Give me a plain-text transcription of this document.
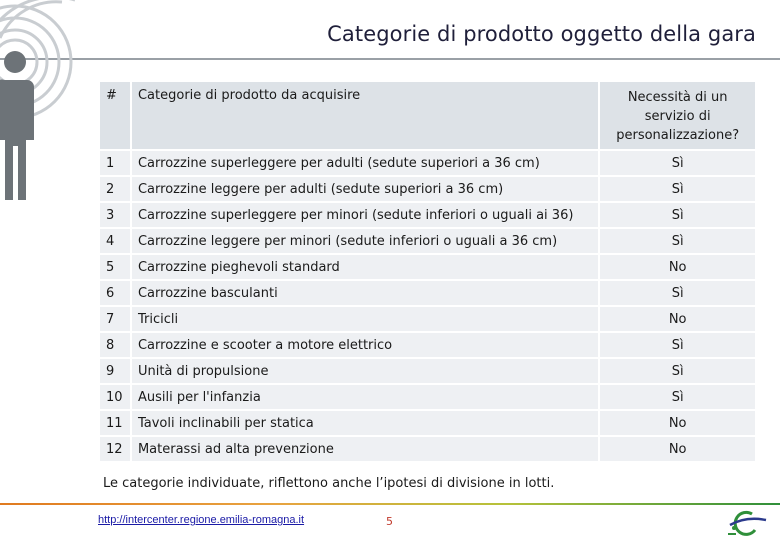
Categorie di prodotto oggetto della gara
#	Categorie di prodotto da acquisire	Necessità di un
servizio di
personalizzazione?

1	Carrozzine superleggere per adulti (sedute superiori a 36 cm)	Sì
2	Carrozzine leggere per adulti (sedute superiori a 36 cm)	Sì
3	Carrozzine superleggere per minori (sedute inferiori o uguali ai 36)	Sì
4	Carrozzine leggere per minori (sedute inferiori o uguali a 36 cm)	Sì
5	Carrozzine pieghevoli standard	No
6	Carrozzine basculanti	Sì
7	Tricicli	No
8	Carrozzine e scooter a motore elettrico	Sì
9	Unità di propulsione	Sì
10	Ausili per l'infanzia	Sì
11	Tavoli inclinabili per statica	No
12	Materassi ad alta prevenzione	No
Le categorie individuate, riflettono anche l’ipotesi di divisione in lotti.
http://intercenter.regione.emilia-romagna.it	5
